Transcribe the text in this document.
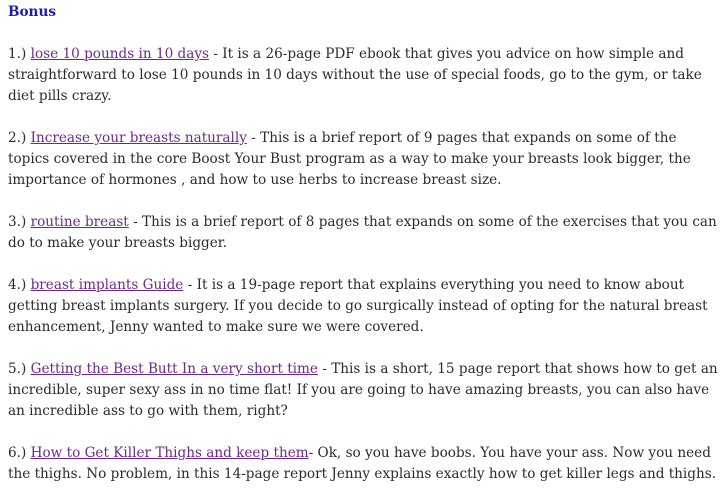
Bonus

1.) lose 10 pounds in 10 days - It is a 26-page PDF ebook that gives you advice on how simple and straightforward to lose 10 pounds in 10 days without the use of special foods, go to the gym, or take diet pills crazy.

2.) Increase your breasts naturally - This is a brief report of 9 pages that expands on some of the topics covered in the core Boost Your Bust program as a way to make your breasts look bigger, the importance of hormones , and how to use herbs to increase breast size.

3.) routine breast - This is a brief report of 8 pages that expands on some of the exercises that you can do to make your breasts bigger.

4.) breast implants Guide - It is a 19-page report that explains everything you need to know about getting breast implants surgery. If you decide to go surgically instead of opting for the natural breast enhancement, Jenny wanted to make sure we were covered.

5.) Getting the Best Butt In a very short time - This is a short, 15 page report that shows how to get an incredible, super sexy ass in no time flat! If you are going to have amazing breasts, you can also have an incredible ass to go with them, right?

6.) How to Get Killer Thighs and keep them- Ok, so you have boobs. You have your ass. Now you need the thighs. No problem, in this 14-page report Jenny explains exactly how to get killer legs and thighs.
